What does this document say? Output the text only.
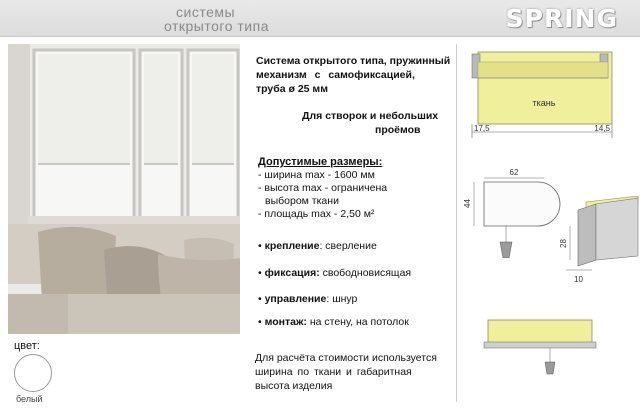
системы
открытого типа	SPRING
Система открытого типа, пружинный
механизм с самофиксацией,
труба ø 25 мм
Для створок и небольших
проёмов
Допустимые размеры:
- ширина max - 1600 мм
- высота max - ограничена
выбором ткани
- площадь max - 2,50 м²
• крепление: сверление
• фиксация: свободновисящая
• управление: шнур
• монтаж: на стену, на потолок
Для расчёта стоимости используется
ширина по ткани и габаритная
высота изделия
ткань
17,5	14,5
62
44
28
10
цвет:
белый
